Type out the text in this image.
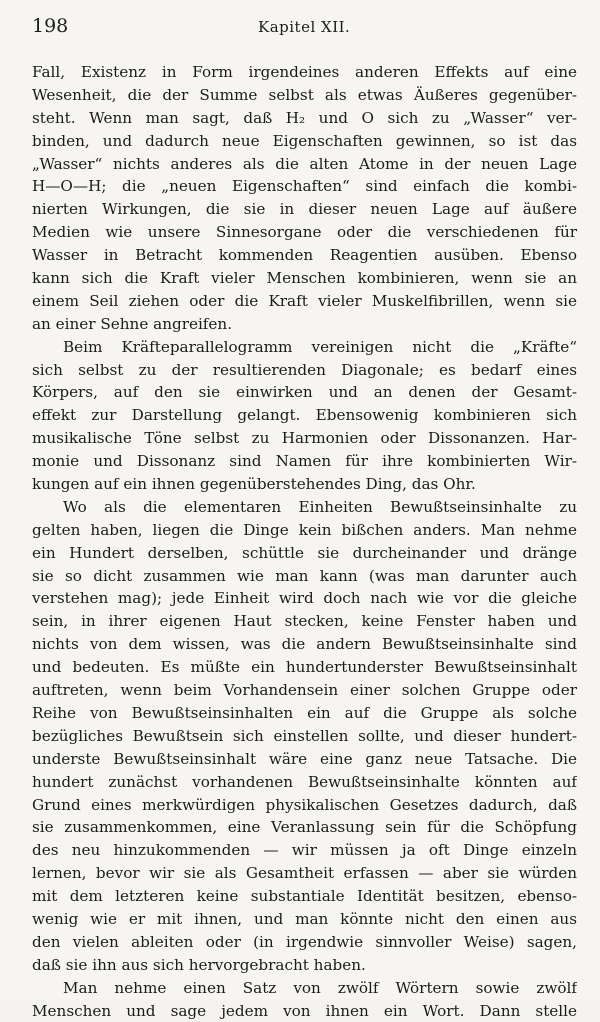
198	Kapitel XII.
Fall, Existenz in Form irgendeines anderen Effekts auf eine
Wesenheit, die der Summe selbst als etwas Äußeres gegenüber-
steht. Wenn man sagt, daß H₂ und O sich zu „Wasser“ ver-
binden, und dadurch neue Eigenschaften gewinnen, so ist das
„Wasser“ nichts anderes als die alten Atome in der neuen Lage
H—O—H; die „neuen Eigenschaften“ sind einfach die kombi-
nierten Wirkungen, die sie in dieser neuen Lage auf äußere
Medien wie unsere Sinnesorgane oder die verschiedenen für
Wasser in Betracht kommenden Reagentien ausüben. Ebenso
kann sich die Kraft vieler Menschen kombinieren, wenn sie an
einem Seil ziehen oder die Kraft vieler Muskelfibrillen, wenn sie
an einer Sehne angreifen.
Beim Kräfteparallelogramm vereinigen nicht die „Kräfte“
sich selbst zu der resultierenden Diagonale; es bedarf eines
Körpers, auf den sie einwirken und an denen der Gesamt-
effekt zur Darstellung gelangt. Ebensowenig kombinieren sich
musikalische Töne selbst zu Harmonien oder Dissonanzen. Har-
monie und Dissonanz sind Namen für ihre kombinierten Wir-
kungen auf ein ihnen gegenüberstehendes Ding, das Ohr.
Wo als die elementaren Einheiten Bewußtseinsinhalte zu
gelten haben, liegen die Dinge kein bißchen anders. Man nehme
ein Hundert derselben, schüttle sie durcheinander und dränge
sie so dicht zusammen wie man kann (was man darunter auch
verstehen mag); jede Einheit wird doch nach wie vor die gleiche
sein, in ihrer eigenen Haut stecken, keine Fenster haben und
nichts von dem wissen, was die andern Bewußtseinsinhalte sind
und bedeuten. Es müßte ein hundertunderster Bewußtseinsinhalt
auftreten, wenn beim Vorhandensein einer solchen Gruppe oder
Reihe von Bewußtseinsinhalten ein auf die Gruppe als solche
bezügliches Bewußtsein sich einstellen sollte, und dieser hundert-
underste Bewußtseinsinhalt wäre eine ganz neue Tatsache. Die
hundert zunächst vorhandenen Bewußtseinsinhalte könnten auf
Grund eines merkwürdigen physikalischen Gesetzes dadurch, daß
sie zusammenkommen, eine Veranlassung sein für die Schöpfung
des neu hinzukommenden — wir müssen ja oft Dinge einzeln
lernen, bevor wir sie als Gesamtheit erfassen — aber sie würden
mit dem letzteren keine substantiale Identität besitzen, ebenso-
wenig wie er mit ihnen, und man könnte nicht den einen aus
den vielen ableiten oder (in irgendwie sinnvoller Weise) sagen,
daß sie ihn aus sich hervorgebracht haben.
Man nehme einen Satz von zwölf Wörtern sowie zwölf
Menschen und sage jedem von ihnen ein Wort. Dann stelle
